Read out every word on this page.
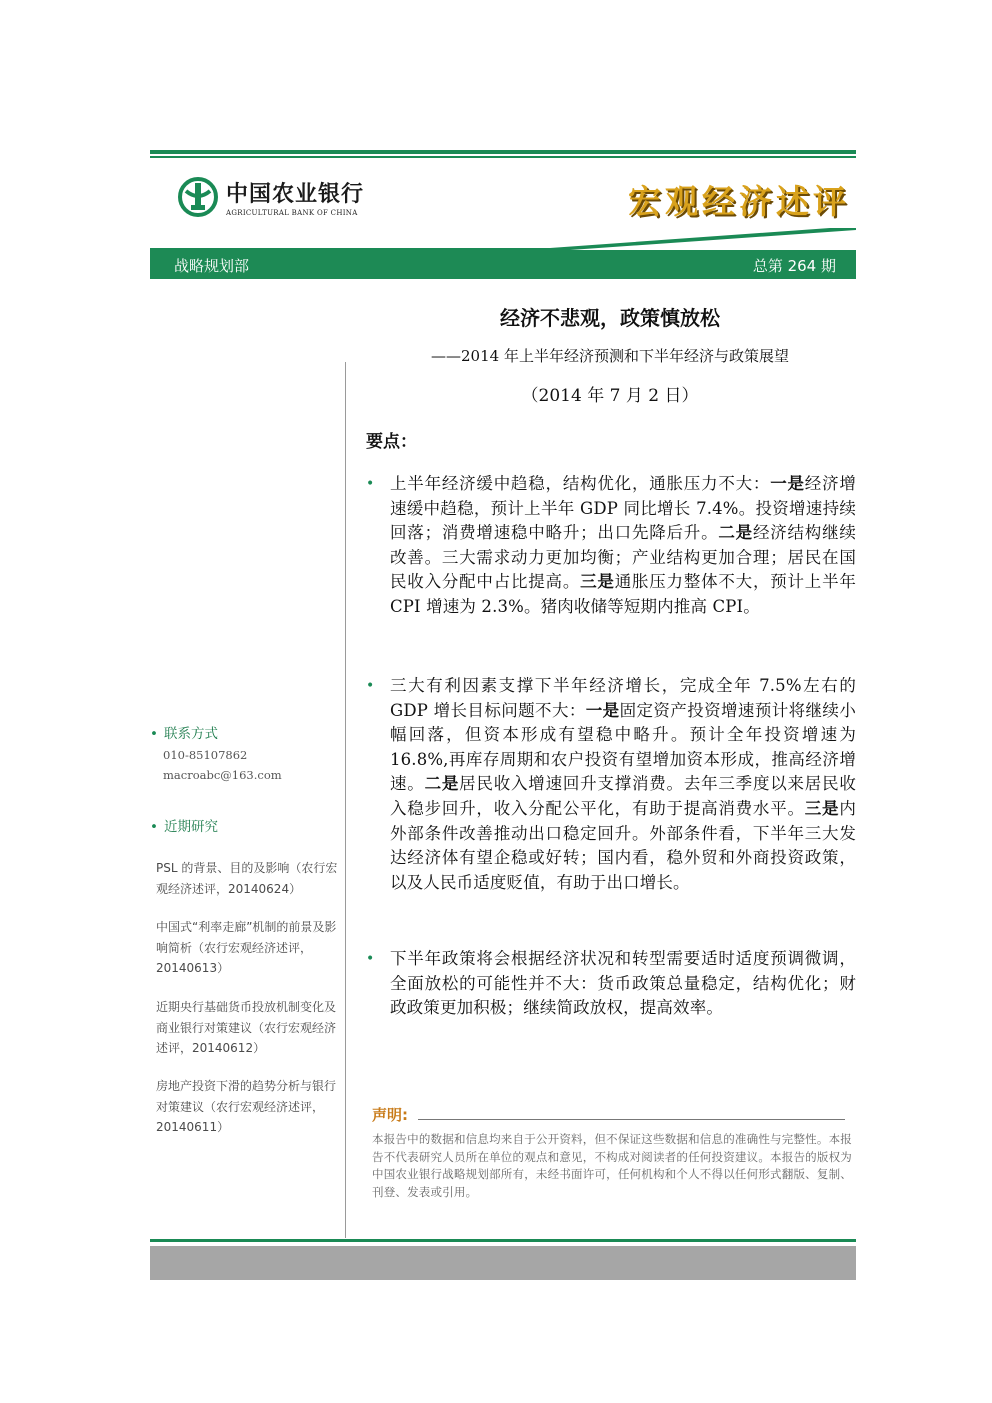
中国农业银行
AGRICULTURAL BANK OF CHINA	宏观经济述评
战略规划部	总第 264 期
经济不悲观，政策慎放松
——2014 年上半年经济预测和下半年经济与政策展望
（2014 年 7 月 2 日）
要点：
• 上半年经济缓中趋稳，结构优化，通胀压力不大：一是经济增速缓中趋稳，预计上半年 GDP 同比增长 7.4%。投资增速持续回落；消费增速稳中略升；出口先降后升。二是经济结构继续改善。三大需求动力更加均衡；产业结构更加合理；居民在国民收入分配中占比提高。三是通胀压力整体不大，预计上半年 CPI 增速为 2.3%。猪肉收储等短期内推高 CPI。
• 三大有利因素支撑下半年经济增长，完成全年 7.5%左右的 GDP 增长目标问题不大：一是固定资产投资增速预计将继续小幅回落，但资本形成有望稳中略升。预计全年投资增速为 16.8%,再库存周期和农户投资有望增加资本形成，推高经济增速。二是居民收入增速回升支撑消费。去年三季度以来居民收入稳步回升，收入分配公平化，有助于提高消费水平。三是内外部条件改善推动出口稳定回升。外部条件看，下半年三大发达经济体有望企稳或好转；国内看，稳外贸和外商投资政策，以及人民币适度贬值，有助于出口增长。
• 下半年政策将会根据经济状况和转型需要适时适度预调微调，全面放松的可能性并不大：货币政策总量稳定，结构优化；财政政策更加积极；继续简政放权，提高效率。
• 联系方式
010-85107862
macroabc@163.com
• 近期研究
PSL 的背景、目的及影响（农行宏观经济述评，20140624）
中国式“利率走廊”机制的前景及影响简析（农行宏观经济述评，20140613）
近期央行基础货币投放机制变化及商业银行对策建议（农行宏观经济述评，20140612）
房地产投资下滑的趋势分析与银行对策建议（农行宏观经济述评，20140611）
声明:
本报告中的数据和信息均来自于公开资料，但不保证这些数据和信息的准确性与完整性。本报告不代表研究人员所在单位的观点和意见，不构成对阅读者的任何投资建议。本报告的版权为中国农业银行战略规划部所有，未经书面许可，任何机构和个人不得以任何形式翻版、复制、刊登、发表或引用。
